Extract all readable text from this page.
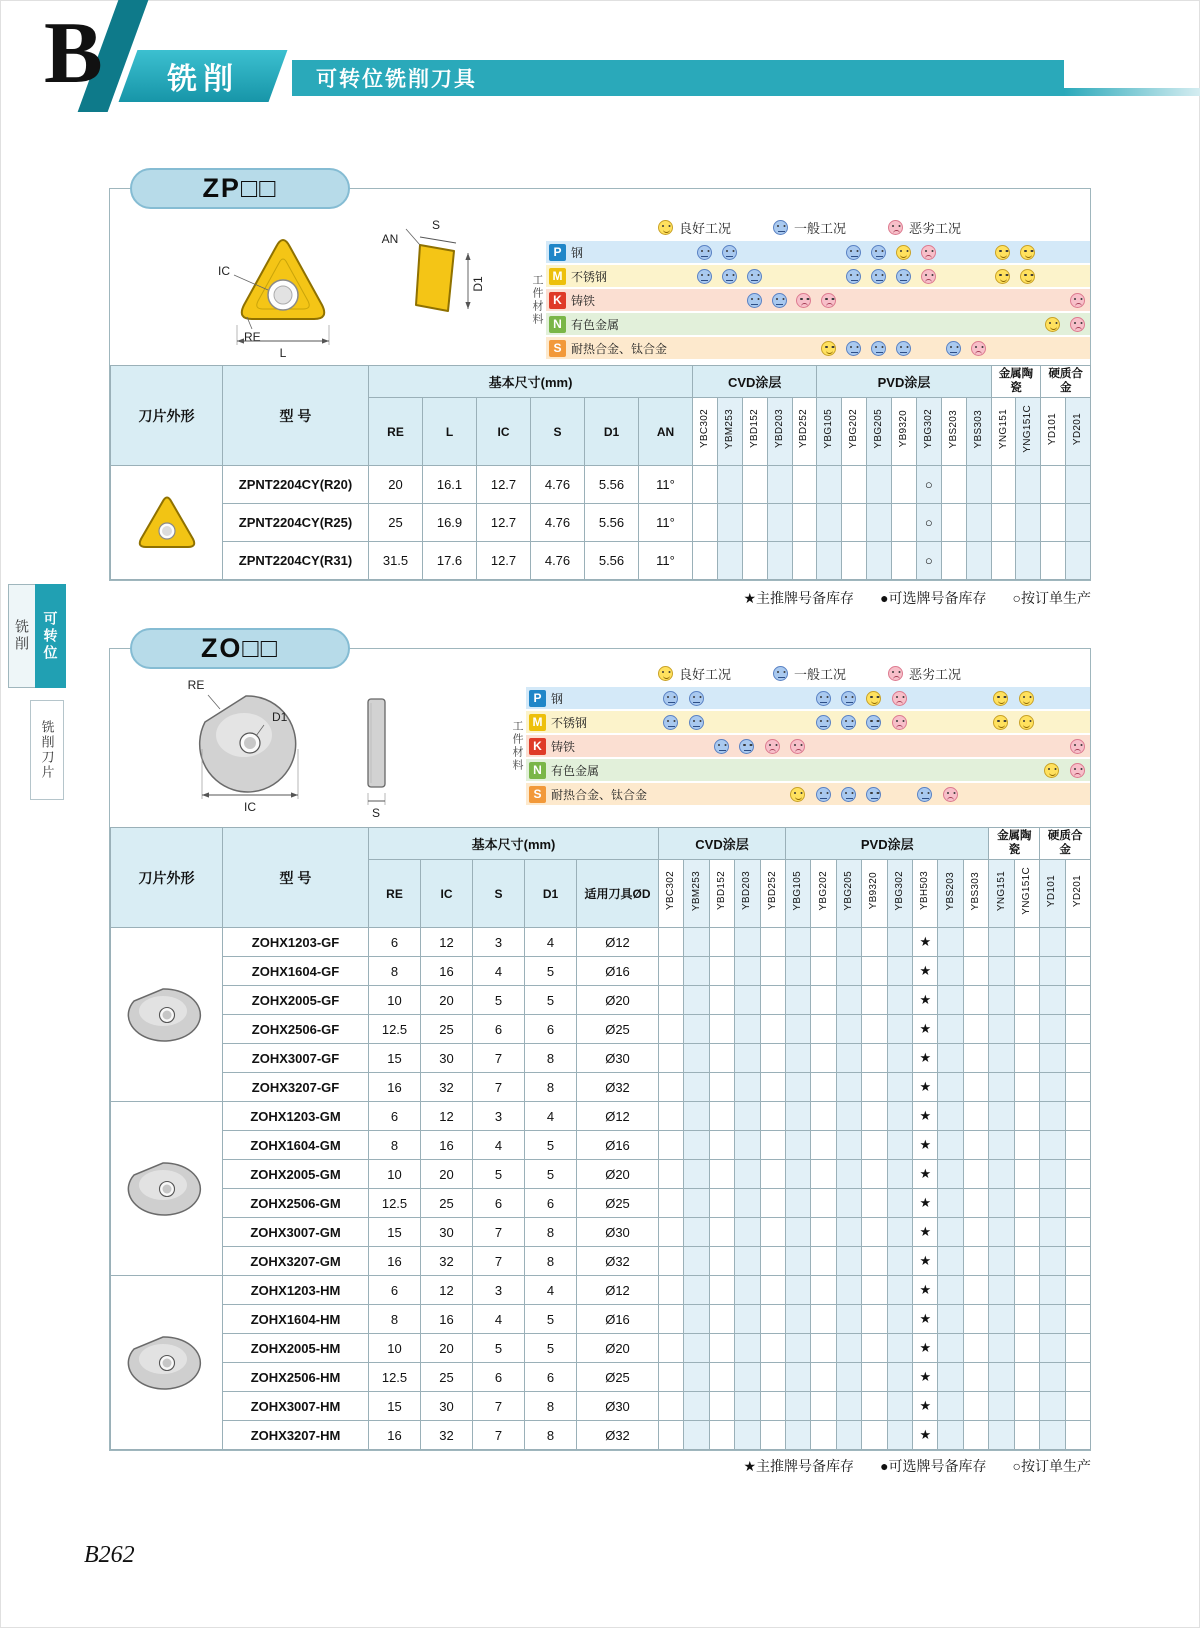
B 铣削	可转位铣削刀具
铣削 可转位
铣削刀片
ZP□□
IC
RE
L
S
AN
D1
良好工况	一般工况	恶劣工况
工件材料
P 钢
M 不锈钢
K 铸铁
N 有色金属
S 耐热合金、钛合金
刀片外形	型 号	基本尺寸(mm)						CVD涂层					PVD涂层							金属陶瓷		硬质合金	
		RE	L	IC	S	D1	AN	YBC302	YBM253	YBD152	YBD203	YBD252	YBG105	YBG202	YBG205	YB9320	YBG302	YBS203	YBS303	YNG151	YNG151C	YD101	YD201

	ZPNT2204CY(R20)	20	16.1	12.7	4.76	5.56	11°										○						
	ZPNT2204CY(R25)	25	16.9	12.7	4.76	5.56	11°										○						
	ZPNT2204CY(R31)	31.5	17.6	12.7	4.76	5.56	11°										○						
★主推牌号备库存 ●可选牌号备库存 ○按订单生产
ZO□□
RE
D1
IC	S
良好工况	一般工况	恶劣工况
工件材料
P 钢
M 不锈钢
K 铸铁
N 有色金属
S 耐热合金、钛合金
刀片外形	型 号	基本尺寸(mm)					CVD涂层					PVD涂层								金属陶瓷		硬质合金	
		RE	IC	S	D1	适用刀具ØD	YBC302	YBM253	YBD152	YBD203	YBD252	YBG105	YBG202	YBG205	YB9320	YBG302	YBH503	YBS203	YBS303	YNG151	YNG151C	YD101	YD201

	ZOHX1203-GF	6	12	3	4	Ø12											★						
	ZOHX1604-GF	8	16	4	5	Ø16											★						
	ZOHX2005-GF	10	20	5	5	Ø20											★						
	ZOHX2506-GF	12.5	25	6	6	Ø25											★						
	ZOHX3007-GF	15	30	7	8	Ø30											★						
	ZOHX3207-GF	16	32	7	8	Ø32											★						

	ZOHX1203-GM	6	12	3	4	Ø12											★						
	ZOHX1604-GM	8	16	4	5	Ø16											★						
	ZOHX2005-GM	10	20	5	5	Ø20											★						
	ZOHX2506-GM	12.5	25	6	6	Ø25											★						
	ZOHX3007-GM	15	30	7	8	Ø30											★						
	ZOHX3207-GM	16	32	7	8	Ø32											★						

	ZOHX1203-HM	6	12	3	4	Ø12											★						
	ZOHX1604-HM	8	16	4	5	Ø16											★						
	ZOHX2005-HM	10	20	5	5	Ø20											★						
	ZOHX2506-HM	12.5	25	6	6	Ø25											★						
	ZOHX3007-HM	15	30	7	8	Ø30											★						
	ZOHX3207-HM	16	32	7	8	Ø32											★						
★主推牌号备库存 ●可选牌号备库存 ○按订单生产
B262
